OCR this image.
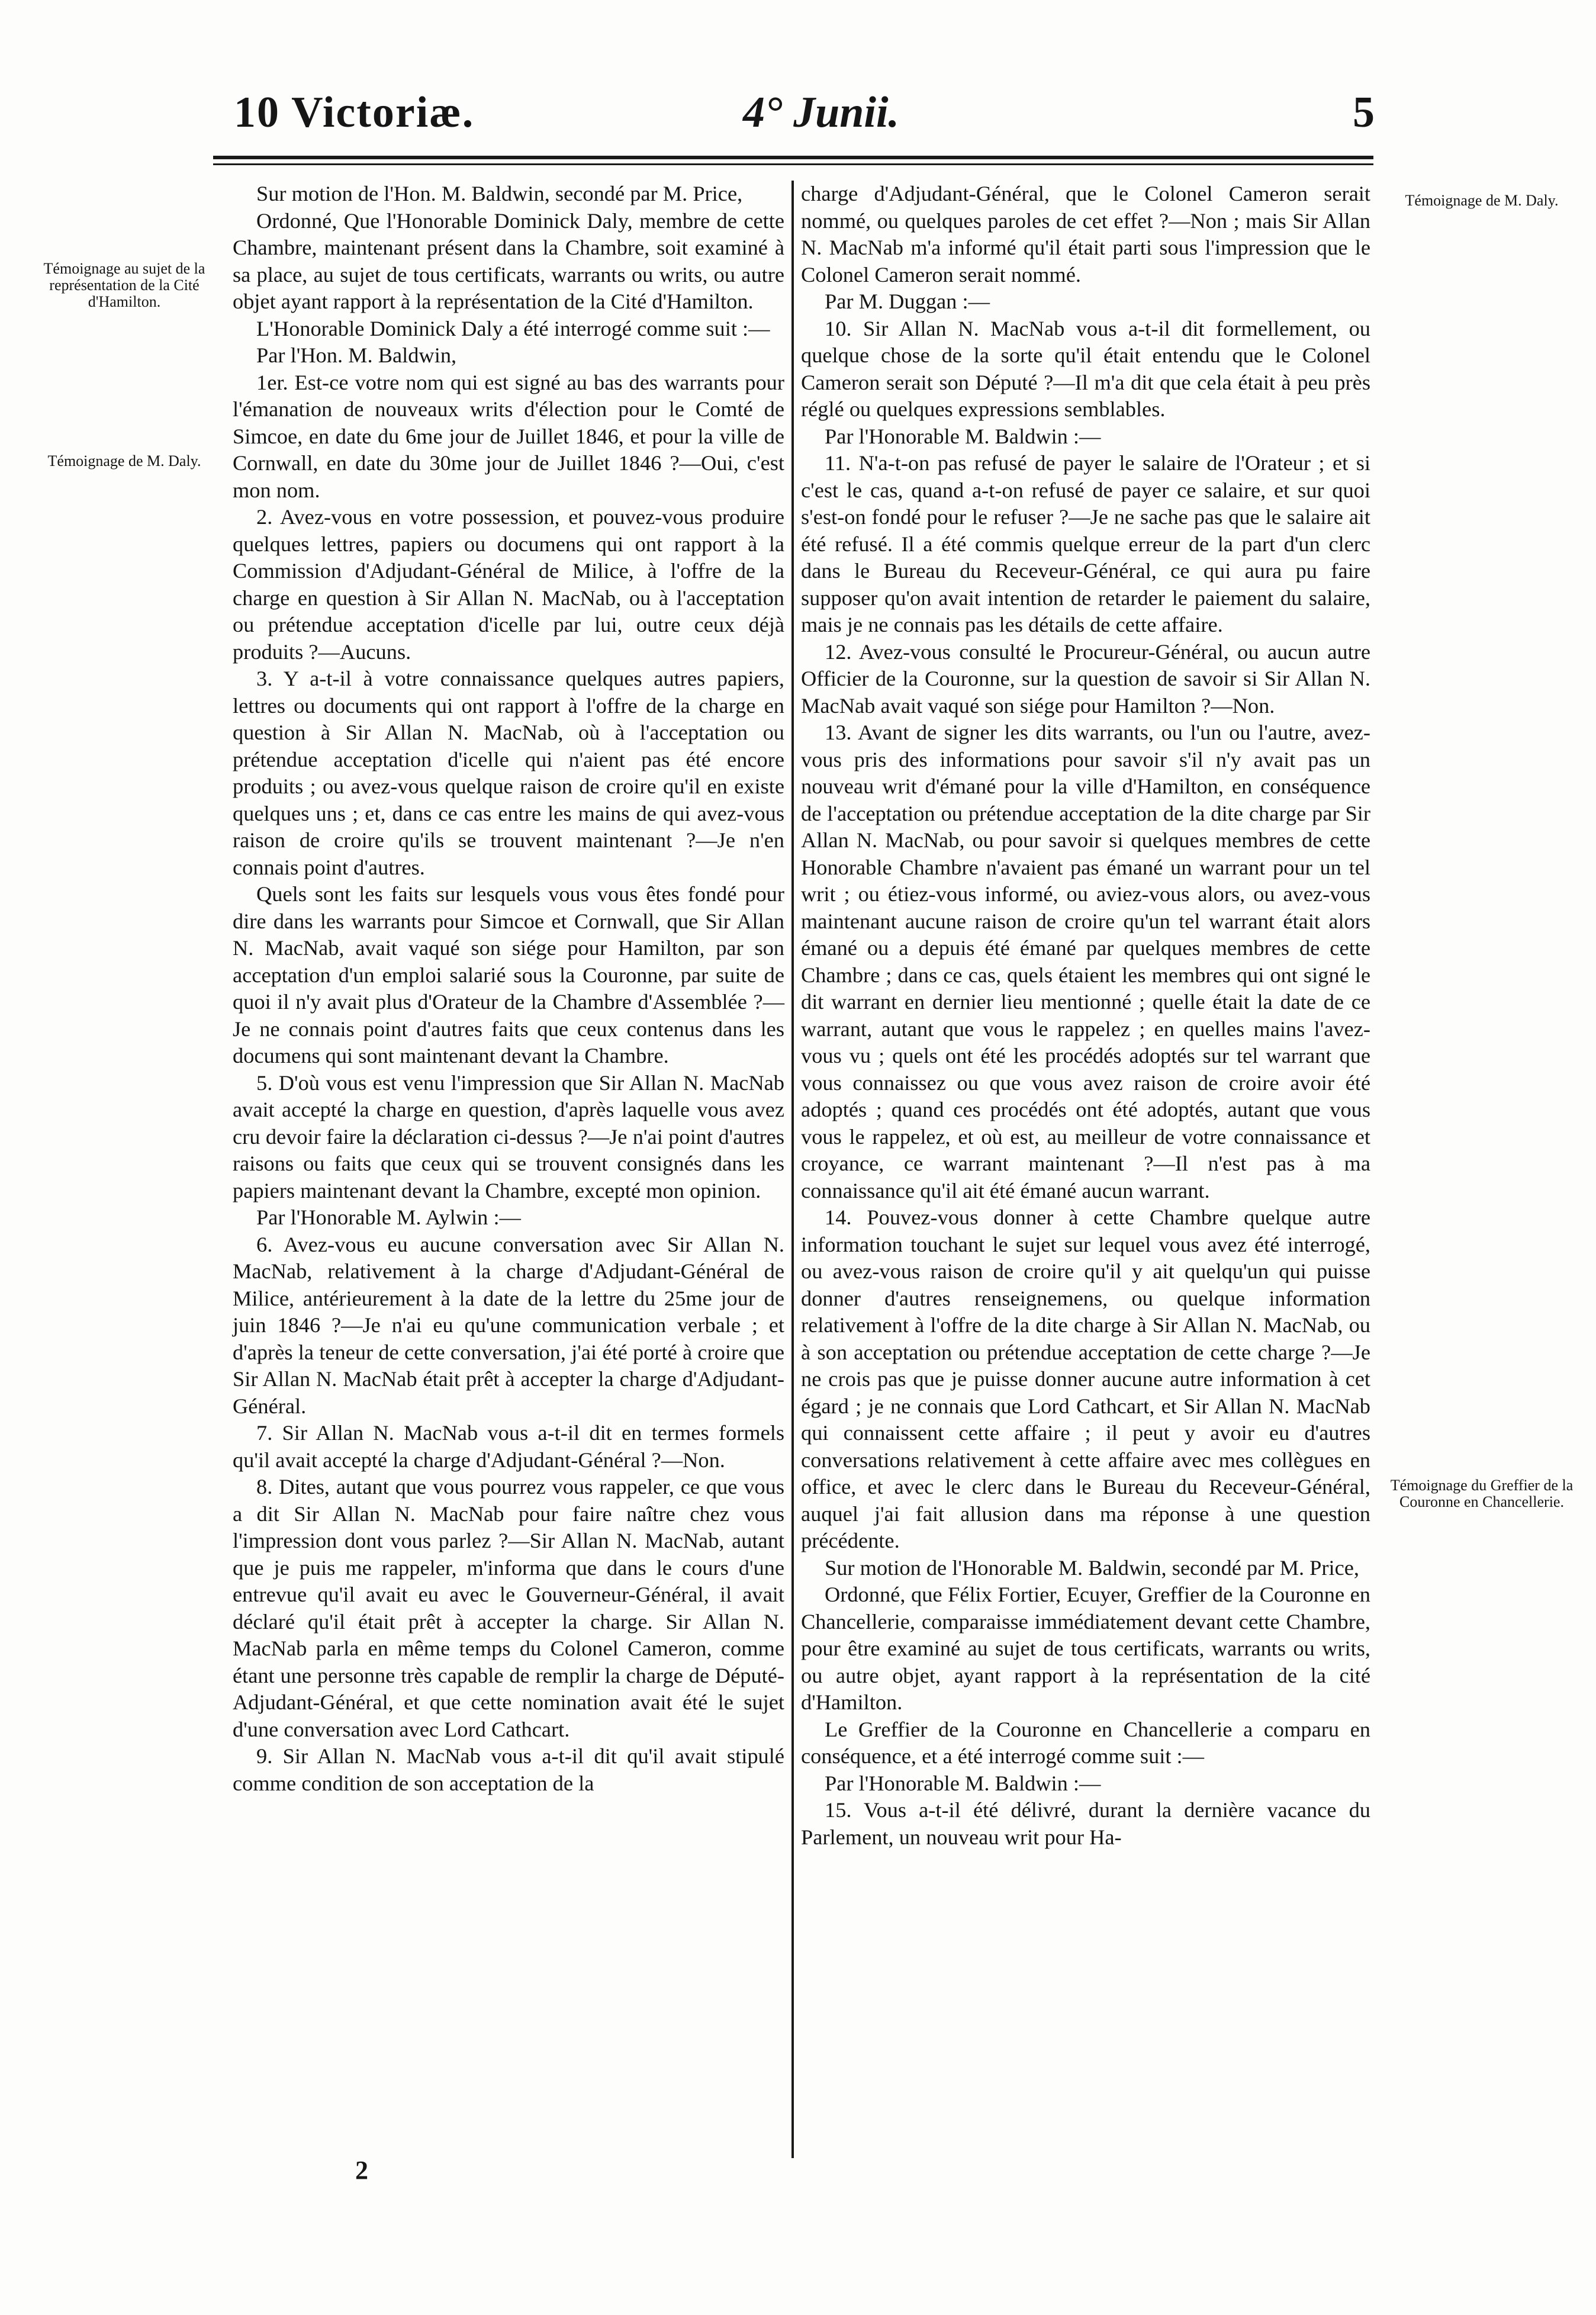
10 Victoriæ.	4° Junii.	5
Témoignage au sujet de la représentation de la Cité d'Hamilton.
Témoignage de M. Daly.
Témoignage de M. Daly.
Témoignage du Greffier de la Couronne en Chancellerie.

Sur motion de l'Hon. M. Baldwin, secondé par M. Price,

Ordonné, Que l'Honorable Dominick Daly, membre de cette Chambre, maintenant présent dans la Chambre, soit examiné à sa place, au sujet de tous certificats, warrants ou writs, ou autre objet ayant rapport à la représentation de la Cité d'Hamilton.

L'Honorable Dominick Daly a été interrogé comme suit :—

Par l'Hon. M. Baldwin,

1er. Est-ce votre nom qui est signé au bas des warrants pour l'émanation de nouveaux writs d'élection pour le Comté de Simcoe, en date du 6me jour de Juillet 1846, et pour la ville de Cornwall, en date du 30me jour de Juillet 1846 ?—Oui, c'est mon nom.

2. Avez-vous en votre possession, et pouvez-vous produire quelques lettres, papiers ou documens qui ont rapport à la Commission d'Adjudant-Général de Milice, à l'offre de la charge en question à Sir Allan N. MacNab, ou à l'acceptation ou prétendue acceptation d'icelle par lui, outre ceux déjà produits ?—Aucuns.

3. Y a-t-il à votre connaissance quelques autres papiers, lettres ou documents qui ont rapport à l'offre de la charge en question à Sir Allan N. MacNab, où à l'acceptation ou prétendue acceptation d'icelle qui n'aient pas été encore produits ; ou avez-vous quelque raison de croire qu'il en existe quelques uns ; et, dans ce cas entre les mains de qui avez-vous raison de croire qu'ils se trouvent maintenant ?—Je n'en connais point d'autres.

Quels sont les faits sur lesquels vous vous êtes fondé pour dire dans les warrants pour Simcoe et Cornwall, que Sir Allan N. MacNab, avait vaqué son siége pour Hamilton, par son acceptation d'un emploi salarié sous la Couronne, par suite de quoi il n'y avait plus d'Orateur de la Chambre d'Assemblée ?—Je ne connais point d'autres faits que ceux contenus dans les documens qui sont maintenant devant la Chambre.

5. D'où vous est venu l'impression que Sir Allan N. MacNab avait accepté la charge en question, d'après laquelle vous avez cru devoir faire la déclaration ci-dessus ?—Je n'ai point d'autres raisons ou faits que ceux qui se trouvent consignés dans les papiers maintenant devant la Chambre, excepté mon opinion.

Par l'Honorable M. Aylwin :—

6. Avez-vous eu aucune conversation avec Sir Allan N. MacNab, relativement à la charge d'Adjudant-Général de Milice, antérieurement à la date de la lettre du 25me jour de juin 1846 ?—Je n'ai eu qu'une communication verbale ; et d'après la teneur de cette conversation, j'ai été porté à croire que Sir Allan N. MacNab était prêt à accepter la charge d'Adjudant-Général.

7. Sir Allan N. MacNab vous a-t-il dit en termes formels qu'il avait accepté la charge d'Adjudant-Général ?—Non.

8. Dites, autant que vous pourrez vous rappeler, ce que vous a dit Sir Allan N. MacNab pour faire naître chez vous l'impression dont vous parlez ?—Sir Allan N. MacNab, autant que je puis me rappeler, m'informa que dans le cours d'une entrevue qu'il avait eu avec le Gouverneur-Général, il avait déclaré qu'il était prêt à accepter la charge. Sir Allan N. MacNab parla en même temps du Colonel Cameron, comme étant une personne très capable de remplir la charge de Député-Adjudant-Général, et que cette nomination avait été le sujet d'une conversation avec Lord Cathcart.

9. Sir Allan N. MacNab vous a-t-il dit qu'il avait stipulé comme condition de son acceptation de la

charge d'Adjudant-Général, que le Colonel Cameron serait nommé, ou quelques paroles de cet effet ?—Non ; mais Sir Allan N. MacNab m'a informé qu'il était parti sous l'impression que le Colonel Cameron serait nommé.

Par M. Duggan :—

10. Sir Allan N. MacNab vous a-t-il dit formellement, ou quelque chose de la sorte qu'il était entendu que le Colonel Cameron serait son Député ?—Il m'a dit que cela était à peu près réglé ou quelques expressions semblables.

Par l'Honorable M. Baldwin :—

11. N'a-t-on pas refusé de payer le salaire de l'Orateur ; et si c'est le cas, quand a-t-on refusé de payer ce salaire, et sur quoi s'est-on fondé pour le refuser ?—Je ne sache pas que le salaire ait été refusé. Il a été commis quelque erreur de la part d'un clerc dans le Bureau du Receveur-Général, ce qui aura pu faire supposer qu'on avait intention de retarder le paiement du salaire, mais je ne connais pas les détails de cette affaire.

12. Avez-vous consulté le Procureur-Général, ou aucun autre Officier de la Couronne, sur la question de savoir si Sir Allan N. MacNab avait vaqué son siége pour Hamilton ?—Non.

13. Avant de signer les dits warrants, ou l'un ou l'autre, avez-vous pris des informations pour savoir s'il n'y avait pas un nouveau writ d'émané pour la ville d'Hamilton, en conséquence de l'acceptation ou prétendue acceptation de la dite charge par Sir Allan N. MacNab, ou pour savoir si quelques membres de cette Honorable Chambre n'avaient pas émané un warrant pour un tel writ ; ou étiez-vous informé, ou aviez-vous alors, ou avez-vous maintenant aucune raison de croire qu'un tel warrant était alors émané ou a depuis été émané par quelques membres de cette Chambre ; dans ce cas, quels étaient les membres qui ont signé le dit warrant en dernier lieu mentionné ; quelle était la date de ce warrant, autant que vous le rappelez ; en quelles mains l'avez-vous vu ; quels ont été les procédés adoptés sur tel warrant que vous connaissez ou que vous avez raison de croire avoir été adoptés ; quand ces procédés ont été adoptés, autant que vous vous le rappelez, et où est, au meilleur de votre connaissance et croyance, ce warrant maintenant ?—Il n'est pas à ma connaissance qu'il ait été émané aucun warrant.

14. Pouvez-vous donner à cette Chambre quelque autre information touchant le sujet sur lequel vous avez été interrogé, ou avez-vous raison de croire qu'il y ait quelqu'un qui puisse donner d'autres renseignemens, ou quelque information relativement à l'offre de la dite charge à Sir Allan N. MacNab, ou à son acceptation ou prétendue acceptation de cette charge ?—Je ne crois pas que je puisse donner aucune autre information à cet égard ; je ne connais que Lord Cathcart, et Sir Allan N. MacNab qui connaissent cette affaire ; il peut y avoir eu d'autres conversations relativement à cette affaire avec mes collègues en office, et avec le clerc dans le Bureau du Receveur-Général, auquel j'ai fait allusion dans ma réponse à une question précédente.

Sur motion de l'Honorable M. Baldwin, secondé par M. Price,

Ordonné, que Félix Fortier, Ecuyer, Greffier de la Couronne en Chancellerie, comparaisse immédiatement devant cette Chambre, pour être examiné au sujet de tous certificats, warrants ou writs, ou autre objet, ayant rapport à la représentation de la cité d'Hamilton.

Le Greffier de la Couronne en Chancellerie a comparu en conséquence, et a été interrogé comme suit :—

Par l'Honorable M. Baldwin :—

15. Vous a-t-il été délivré, durant la dernière vacance du Parlement, un nouveau writ pour Ha-

2
